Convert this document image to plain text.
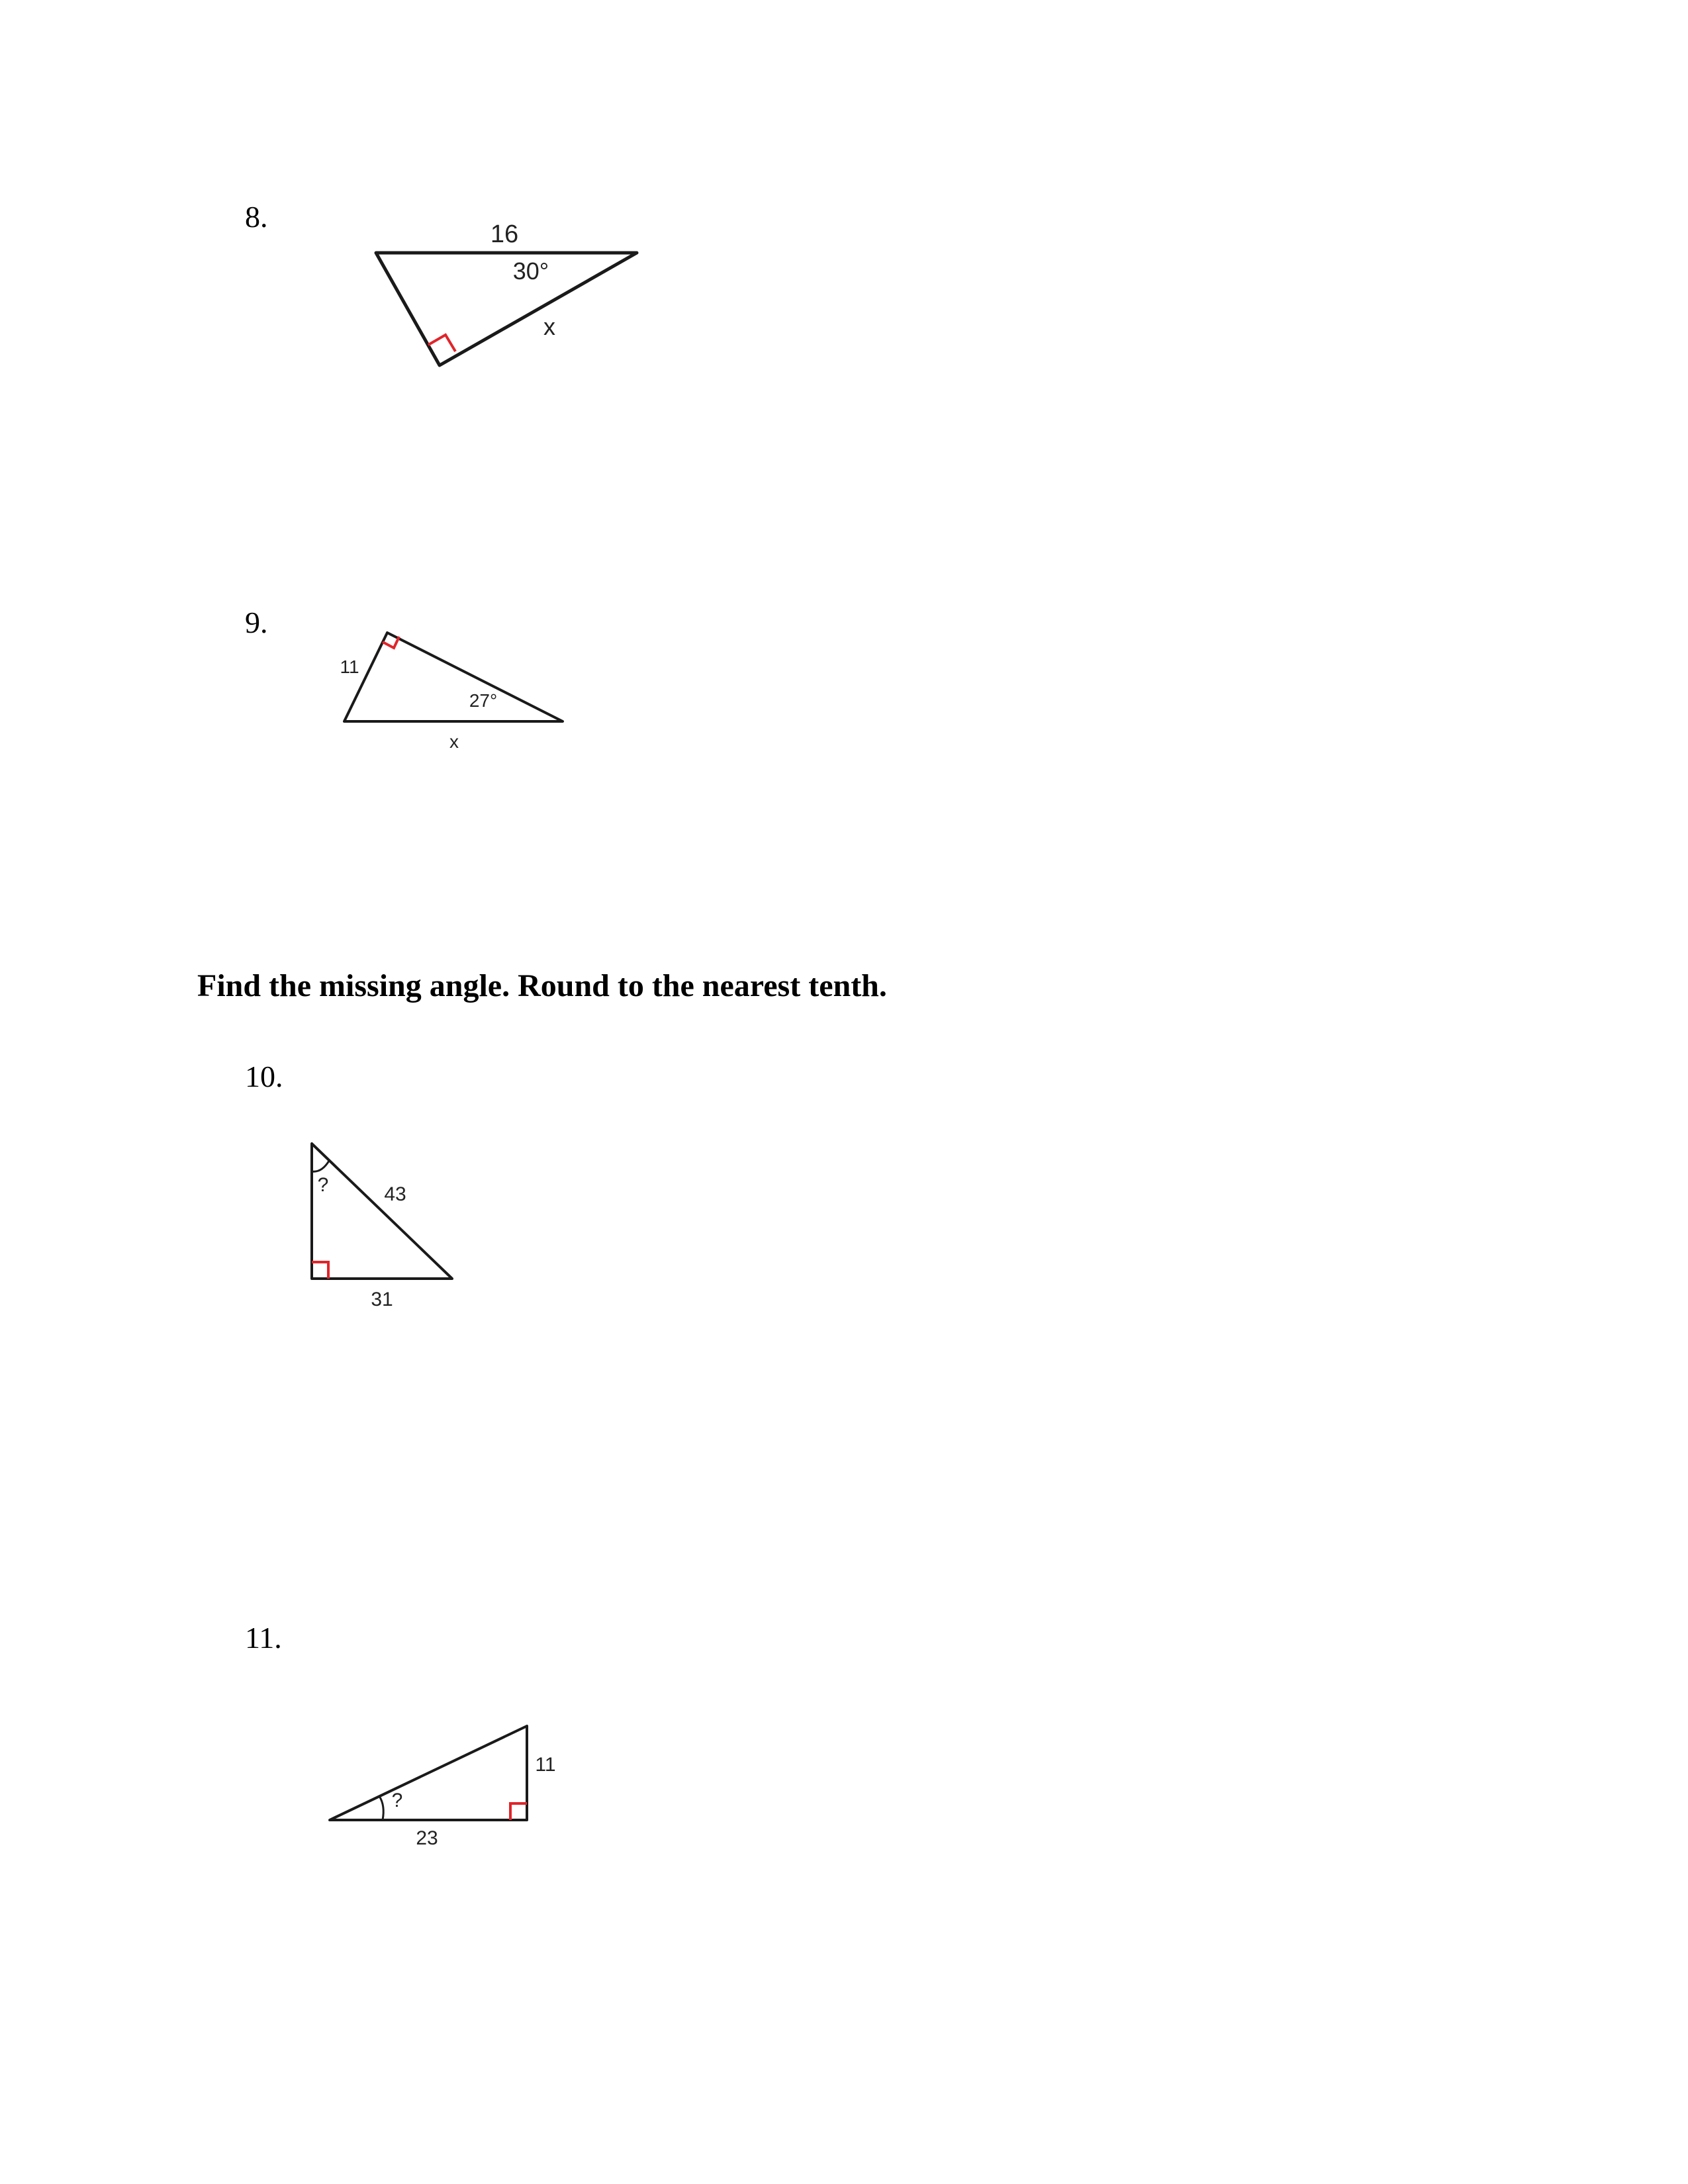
8.
16
30°
x
9.
11
27°
x
Find the missing angle. Round to the nearest tenth.
10.
?	43
31
11.
?
11
23
